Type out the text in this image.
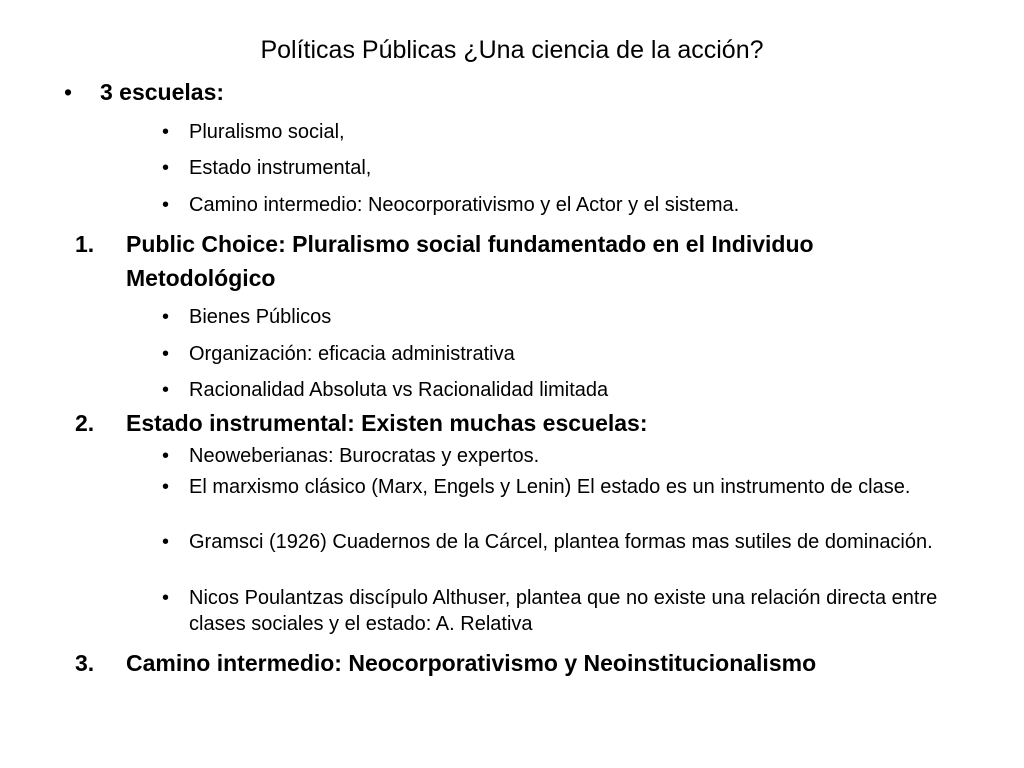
Políticas Públicas ¿Una ciencia de la acción?
• 3 escuelas:
• Pluralismo social,
• Estado instrumental,
• Camino intermedio: Neocorporativismo y el Actor y el sistema.
1. Public Choice: Pluralismo social fundamentado en el Individuo Metodológico
• Bienes Públicos
• Organización: eficacia administrativa
• Racionalidad Absoluta vs Racionalidad limitada
2. Estado instrumental: Existen muchas escuelas:
• Neoweberianas: Burocratas y expertos.
• El marxismo clásico (Marx, Engels y Lenin) El estado es un instrumento de clase.
• Gramsci (1926) Cuadernos de la Cárcel, plantea formas mas sutiles de dominación.
• Nicos Poulantzas discípulo Althuser, plantea que no existe una relación directa entre clases sociales y el estado: A. Relativa
3. Camino intermedio: Neocorporativismo y Neoinstitucionalismo
